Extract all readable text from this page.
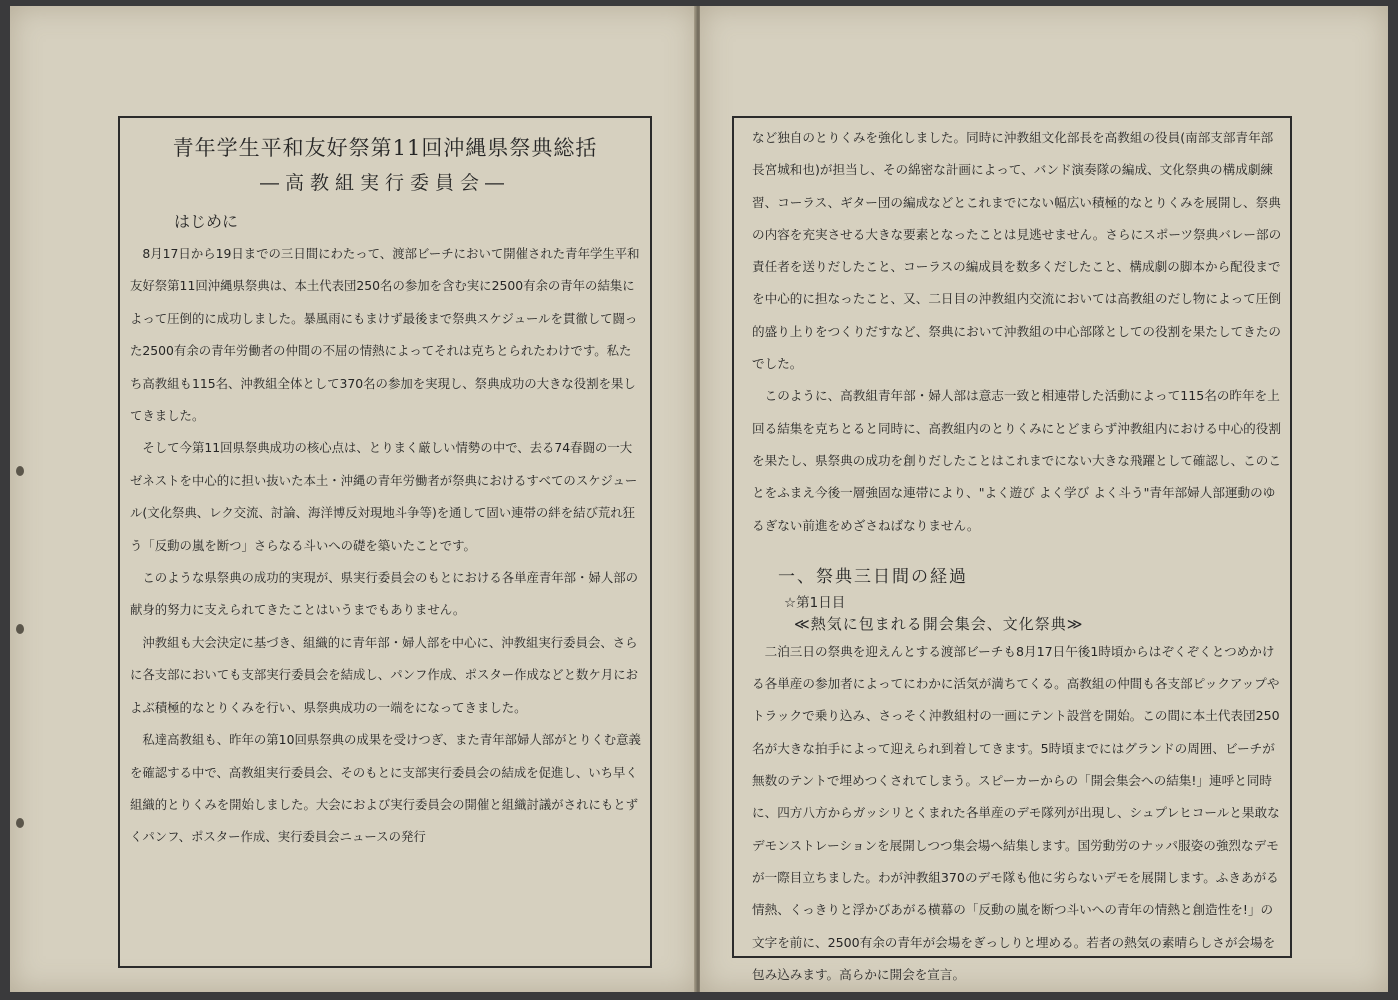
青年学生平和友好祭第11回沖縄県祭典総括
―高教組実行委員会―
はじめに

8月17日から19日までの三日間にわたって、渡部ビーチにおいて開催された青年学生平和友好祭第11回沖縄県祭典は、本土代表団250名の参加を含む実に2500有余の青年の結集によって圧倒的に成功しました。暴風雨にもまけず最後まで祭典スケジュールを貫徹して闘った2500有余の青年労働者の仲間の不屈の情熱によってそれは克ちとられたわけです。私たち高教組も115名、沖教組全体として370名の参加を実現し、祭典成功の大きな役割を果してきました。

そして今第11回県祭典成功の核心点は、とりまく厳しい情勢の中で、去る74春闘の一大ゼネストを中心的に担い抜いた本土・沖縄の青年労働者が祭典におけるすべてのスケジュール(文化祭典、レク交流、討論、海洋博反対現地斗争等)を通して固い連帯の絆を結び荒れ狂う「反動の嵐を断つ」さらなる斗いへの礎を築いたことです。

このような県祭典の成功的実現が、県実行委員会のもとにおける各単産青年部・婦人部の献身的努力に支えられてきたことはいうまでもありません。

沖教組も大会決定に基づき、組織的に青年部・婦人部を中心に、沖教組実行委員会、さらに各支部においても支部実行委員会を結成し、パンフ作成、ポスター作成などと数ケ月におよぶ積極的なとりくみを行い、県祭典成功の一端をになってきました。

私達高教組も、昨年の第10回県祭典の成果を受けつぎ、また青年部婦人部がとりくむ意義を確認する中で、高教組実行委員会、そのもとに支部実行委員会の結成を促進し、いち早く組織的とりくみを開始しました。大会におよび実行委員会の開催と組織討議がされにもとずくパンフ、ポスター作成、実行委員会ニュースの発行

など独自のとりくみを強化しました。同時に沖教組文化部長を高教組の役員(南部支部青年部長宮城和也)が担当し、その綿密な計画によって、バンド演奏隊の編成、文化祭典の構成劇練習、コーラス、ギター団の編成などとこれまでにない幅広い積極的なとりくみを展開し、祭典の内容を充実させる大きな要素となったことは見逃せません。さらにスポーツ祭典バレー部の責任者を送りだしたこと、コーラスの編成員を数多くだしたこと、構成劇の脚本から配役までを中心的に担なったこと、又、二日目の沖教組内交流においては高教組のだし物によって圧倒的盛り上りをつくりだすなど、祭典において沖教組の中心部隊としての役割を果たしてきたのでした。

このように、高教組青年部・婦人部は意志一致と相連帯した活動によって115名の昨年を上回る結集を克ちとると同時に、高教組内のとりくみにとどまらず沖教組内における中心的役割を果たし、県祭典の成功を創りだしたことはこれまでにない大きな飛躍として確認し、このことをふまえ今後一層強固な連帯により、"よく遊び よく学び よく斗う"青年部婦人部運動のゆるぎない前進をめざさねばなりません。

一、祭典三日間の経過
☆第1日目
≪熱気に包まれる開会集会、文化祭典≫

二泊三日の祭典を迎えんとする渡部ビーチも8月17日午後1時頃からはぞくぞくとつめかける各単産の参加者によってにわかに活気が満ちてくる。高教組の仲間も各支部ピックアップやトラックで乗り込み、さっそく沖教組村の一画にテント設営を開始。この間に本土代表団250名が大きな拍手によって迎えられ到着してきます。5時頃までにはグランドの周囲、ビーチが無数のテントで埋めつくされてしまう。スピーカーからの「開会集会への結集!」連呼と同時に、四方八方からガッシリとくまれた各単産のデモ隊列が出現し、シュプレヒコールと果敢なデモンストレーションを展開しつつ集会場へ結集します。国労動労のナッパ服姿の強烈なデモが一際目立ちました。わが沖教組370のデモ隊も他に劣らないデモを展開します。ふきあがる情熱、くっきりと浮かびあがる横幕の「反動の嵐を断つ斗いへの青年の情熱と創造性を!」の文字を前に、2500有余の青年が会場をぎっしりと埋める。若者の熱気の素晴らしさが会場を包み込みます。高らかに開会を宣言。
